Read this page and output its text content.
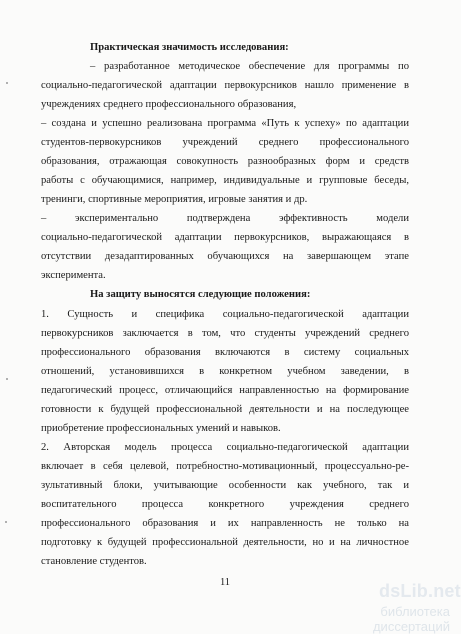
Практическая значимость исследования:
– разработанное методическое обеспечение для программы по
социально-педагогической адаптации первокурсников нашло применение в
учреждениях среднего профессионального образования,
– создана и успешно реализована программа «Путь к успеху» по адаптации
студентов-первокурсников учреждений среднего профессионального
образования, отражающая совокупность разнообразных форм и средств
работы с обучающимися, например, индивидуальные и групповые беседы,
тренинги, спортивные мероприятия, игровые занятия и др.
– экспериментально подтверждена эффективность модели
социально-педагогической адаптации первокурсников, выражающаяся в
отсутствии дезадаптированных обучающихся на завершающем этапе
эксперимента.
На защиту выносятся следующие положения:
1. Сущность и специфика социально-педагогической адаптации
первокурсников заключается в том, что студенты учреждений среднего
профессионального образования включаются в систему социальных
отношений, установившихся в конкретном учебном заведении, в
педагогический процесс, отличающийся направленностью на формирование
готовности к будущей профессиональной деятельности и на последующее
приобретение профессиональных умений и навыков.
2. Авторская модель процесса социально-педагогической адаптации
включает в себя целевой, потребностно-мотивационный, процессуально-ре-
зультативный блоки, учитывающие особенности как учебного, так и
воспитательного процесса конкретного учреждения среднего
профессионального образования и их направленность не только на
подготовку к будущей профессиональной деятельности, но и на личностное
становление студентов.
11	dsLib.net
библиотека диссертаций
